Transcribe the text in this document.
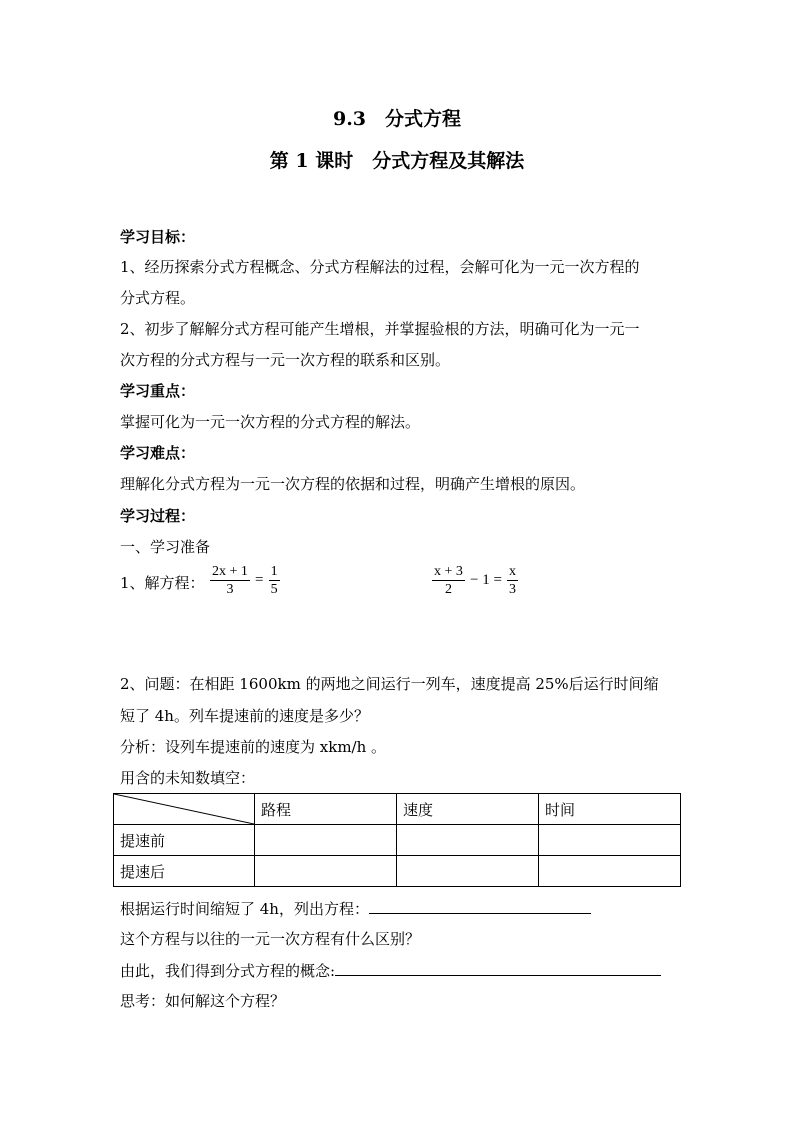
9.3　分式方程
第 1 课时　分式方程及其解法
学习目标：
1、经历探索分式方程概念、分式方程解法的过程，会解可化为一元一次方程的
分式方程。
2、初步了解解分式方程可能产生增根，并掌握验根的方法，明确可化为一元一
次方程的分式方程与一元一次方程的联系和区别。
学习重点：
掌握可化为一元一次方程的分式方程的解法。
学习难点：
理解化分式方程为一元一次方程的依据和过程，明确产生增根的原因。
学习过程：
一、学习准备
1、解方程： $\frac{2x + 1}{3} = \frac{1}{5}$	$\frac{x + 3}{2} - 1 = \frac{x}{3}$
2、问题：在相距 1600km 的两地之间运行一列车，速度提高 25%后运行时间缩
短了 4h。列车提速前的速度是多少？
分析：设列车提速前的速度为 xkm/h 。
用含的未知数填空：
	路程	速度	时间
提速前			
提速后			
根据运行时间缩短了 4h，列出方程：
这个方程与以往的一元一次方程有什么区别？
由此，我们得到分式方程的概念:
思考：如何解这个方程？
